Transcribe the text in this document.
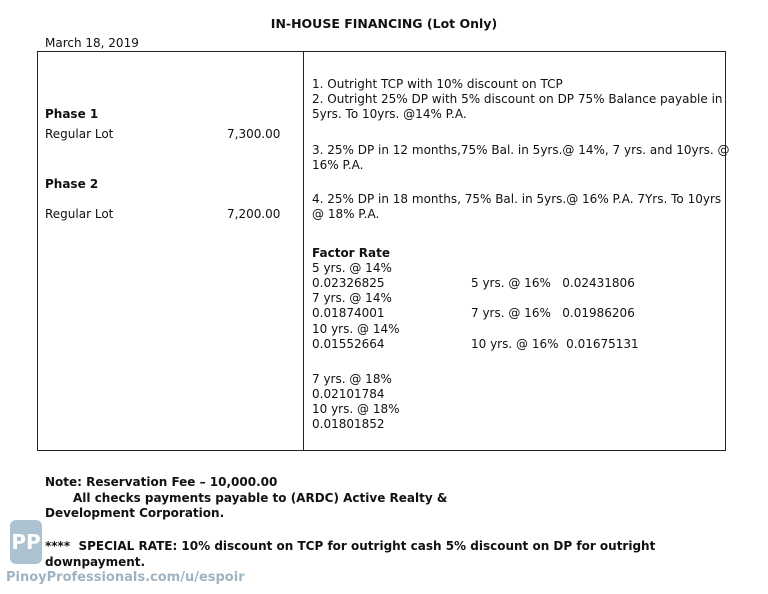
IN-HOUSE FINANCING (Lot Only)
March 18, 2019
Phase 1
Regular Lot	7,300.00
Phase 2
Regular Lot	7,200.00
1. Outright TCP with 10% discount on TCP
2. Outright 25% DP with 5% discount on DP 75% Balance payable in
5yrs. To 10yrs. @14% P.A.
3. 25% DP in 12 months,75% Bal. in 5yrs.@ 14%, 7 yrs. and 10yrs. @
16% P.A.
4. 25% DP in 18 months, 75% Bal. in 5yrs.@ 16% P.A. 7Yrs. To 10yrs
@ 18% P.A.
Factor Rate
5 yrs. @ 14%
0.02326825
7 yrs. @ 14%
0.01874001
10 yrs. @ 14%
0.01552664
5 yrs. @ 16%   0.02431806
7 yrs. @ 16%   0.01986206
10 yrs. @ 16%  0.01675131
7 yrs. @ 18%
0.02101784
10 yrs. @ 18%
0.01801852
Note: Reservation Fee – 10,000.00
All checks payments payable to (ARDC) Active Realty &
Development Corporation.
****  SPECIAL RATE: 10% discount on TCP for outright cash 5% discount on DP for outright
downpayment.
PP
PinoyProfessionals.com/u/espoir
